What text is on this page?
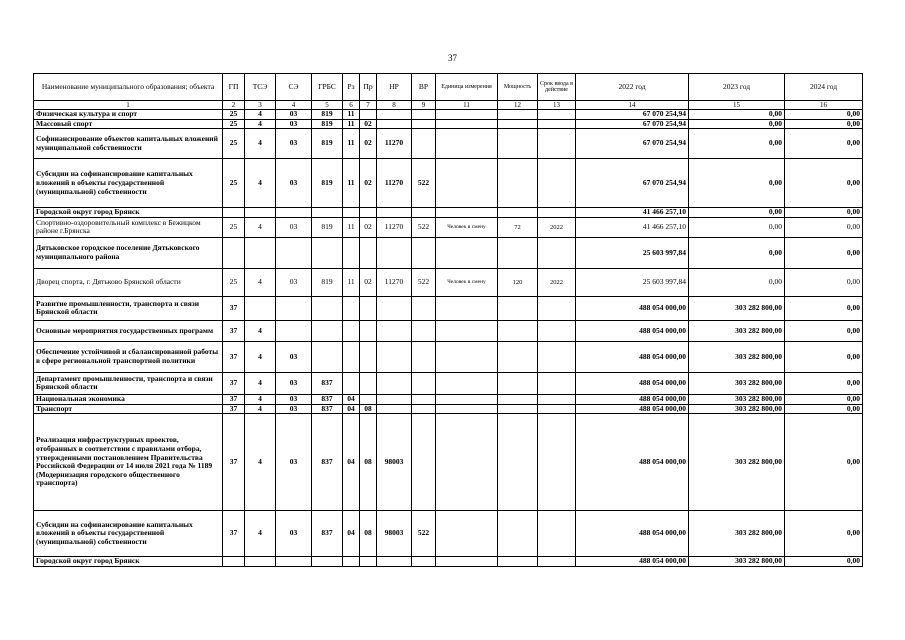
37
Наименование муниципального образования; объекта	ГП	ТСЭ	СЭ	ГРБС	Рз	Пр	НР	ВР	Единица измерения	Мощность	Срок ввода в действие	2022 год	2023 год	2024 год
1	2	3	4	5	6	7	8	9	11	12	13	14	15	16
Физическая культура и спорт	25	4	03	819	11							67 070 254,94	0,00	0,00
Массовый спорт	25	4	03	819	11	02						67 070 254,94	0,00	0,00
Софинансирование объектов капитальных вложений муниципальной собственности	25	4	03	819	11	02	11270					67 070 254,94	0,00	0,00
Субсидии на софинансирование капитальных вложений в объекты государственной (муниципальной) собственности	25	4	03	819	11	02	11270	522				67 070 254,94	0,00	0,00
Городской округ город Брянск												41 466 257,10	0,00	0,00
Спортивно-оздоровительный комплекс в Бежицком районе г.Брянска	25	4	03	819	11	02	11270	522	Человек в смену	72	2022	41 466 257,10	0,00	0,00
Дятьковское городское поселение Дятьковского муниципального района												25 603 997,84	0,00	0,00
Дворец спорта, г. Дятьково Брянской области	25	4	03	819	11	02	11270	522	Человек в смену	120	2022	25 603 997,84	0,00	0,00
Развитие промышленности, транспорта и связи Брянской области	37											488 054 000,00	303 282 800,00	0,00
Основные мероприятия государственных программ	37	4										488 054 000,00	303 282 800,00	0,00
Обеспечение устойчивой и сбалансированной работы в сфере региональной транспортной политики	37	4	03									488 054 000,00	303 282 800,00	0,00
Департамент промышленности, транспорта и связи Брянской области	37	4	03	837								488 054 000,00	303 282 800,00	0,00
Национальная экономика	37	4	03	837	04							488 054 000,00	303 282 800,00	0,00
Транспорт	37	4	03	837	04	08						488 054 000,00	303 282 800,00	0,00
Реализация инфраструктурных проектов, отобранных в соответствии с правилами отбора, утвержденными постановлением Правительства Российской Федерации от 14 июля 2021 года № 1189 (Модернизация городского общественного транспорта)	37	4	03	837	04	08	98003					488 054 000,00	303 282 800,00	0,00
Субсидии на софинансирование капитальных вложений в объекты государственной (муниципальной) собственности	37	4	03	837	04	08	98003	522				488 054 000,00	303 282 800,00	0,00
Городской округ город Брянск												488 054 000,00	303 282 800,00	0,00
